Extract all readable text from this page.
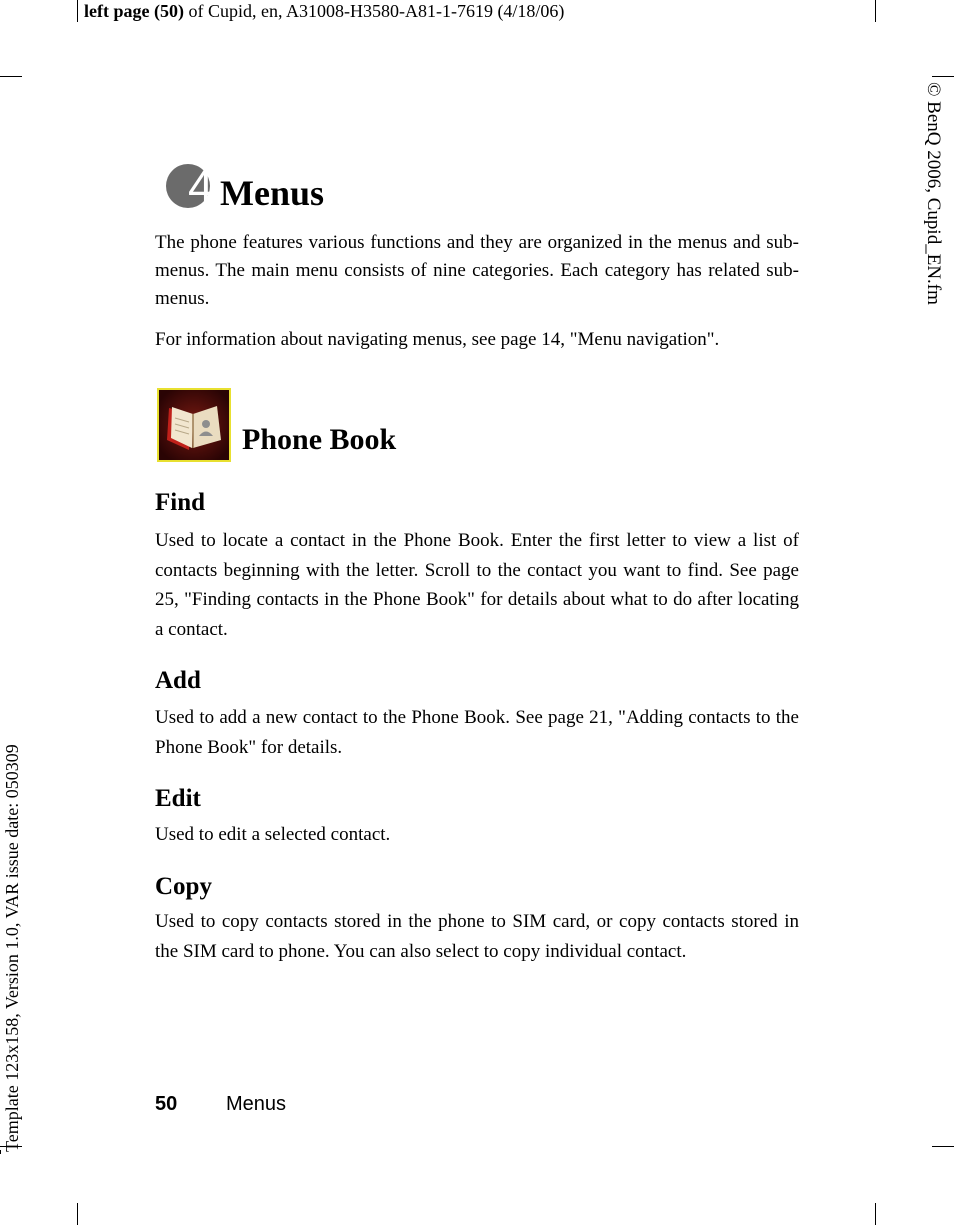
left page (50) of Cupid, en, A31008-H3580-A81-1-7619 (4/18/06)
© BenQ 2006, Cupid_EN.fm
Template 123x158, Version 1.0, VAR issue date: 050309
4 Menus
The phone features various functions and they are organized in the menus and sub-menus. The main menu consists of nine categories. Each category has related sub-menus.
For information about navigating menus, see page 14, "Menu navigation".
Phone Book
Find
Used to locate a contact in the Phone Book. Enter the first letter to view a list of contacts beginning with the letter. Scroll to the contact you want to find. See page 25, "Finding contacts in the Phone Book" for details about what to do after locating a contact.
Add
Used to add a new contact to the Phone Book. See page 21, "Adding contacts to the Phone Book" for details.
Edit
Used to edit a selected contact.
Copy
Used to copy contacts stored in the phone to SIM card, or copy contacts stored in the SIM card to phone. You can also select to copy individual contact.
50 Menus
